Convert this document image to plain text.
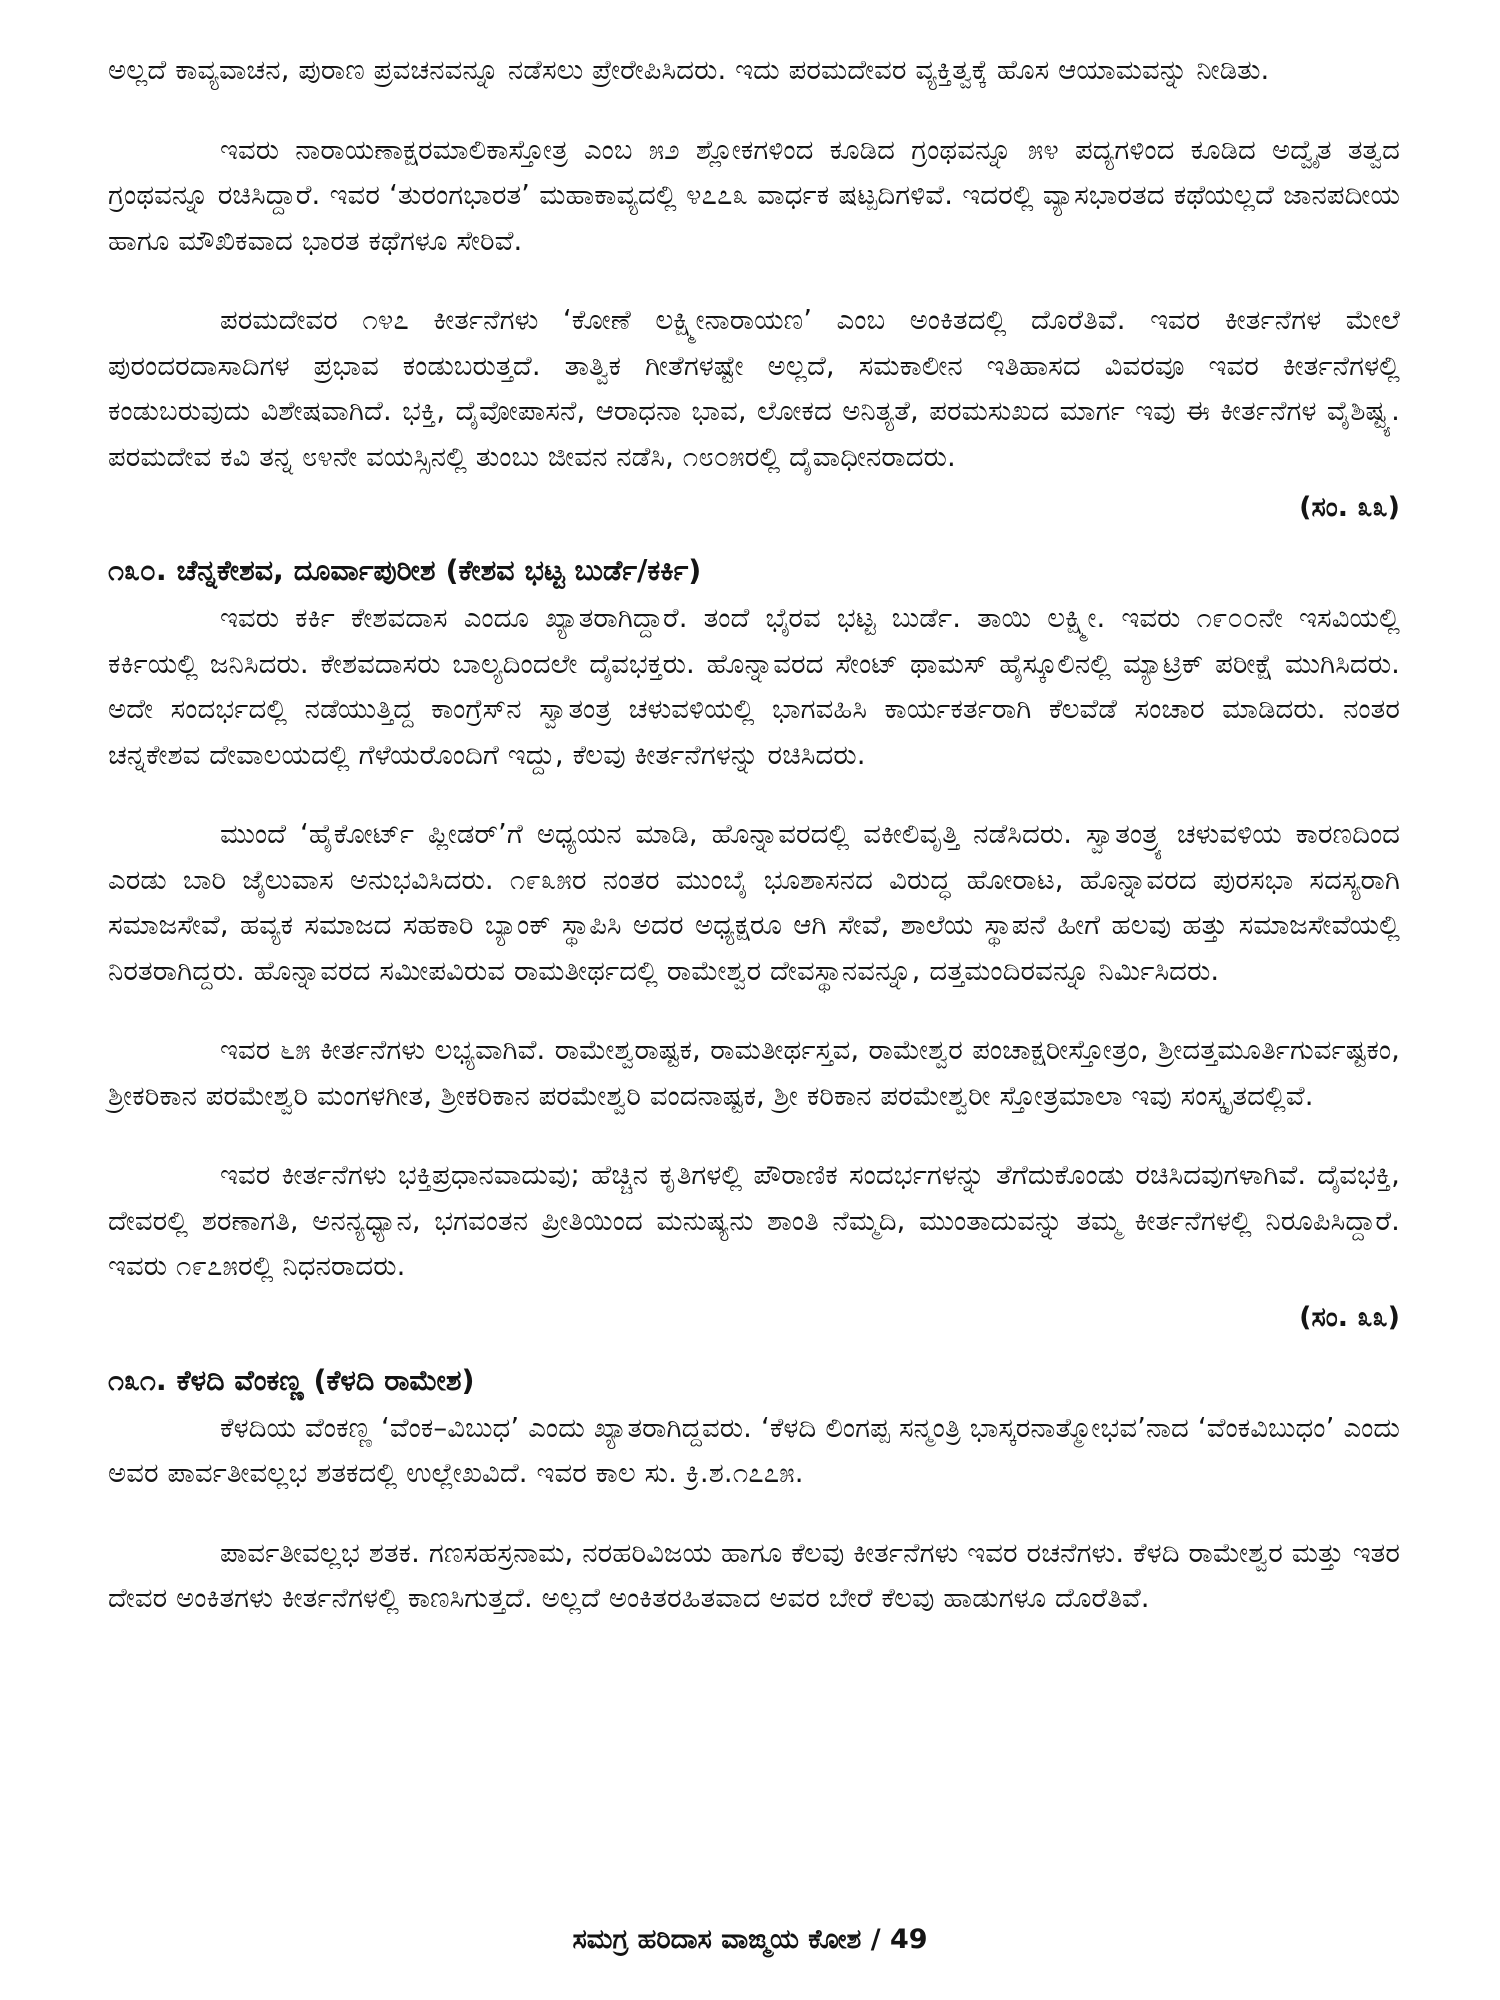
ಅಲ್ಲದೆ ಕಾವ್ಯವಾಚನ, ಪುರಾಣ ಪ್ರವಚನವನ್ನೂ ನಡೆಸಲು ಪ್ರೇರೇಪಿಸಿದರು. ಇದು ಪರಮದೇವರ ವ್ಯಕ್ತಿತ್ವಕ್ಕೆ ಹೊಸ ಆಯಾಮವನ್ನು ನೀಡಿತು.

ಇವರು ನಾರಾಯಣಾಕ್ಷರಮಾಲಿಕಾಸ್ತೋತ್ರ ಎಂಬ ೫೨ ಶ್ಲೋಕಗಳಿಂದ ಕೂಡಿದ ಗ್ರಂಥವನ್ನೂ ೫೪ ಪದ್ಯಗಳಿಂದ ಕೂಡಿದ ಅದ್ವೈತ ತತ್ವದ ಗ್ರಂಥವನ್ನೂ ರಚಿಸಿದ್ದಾರೆ. ಇವರ ‘ತುರಂಗಭಾರತ’ ಮಹಾಕಾವ್ಯದಲ್ಲಿ ೪೭೭೩ ವಾರ್ಧಕ ಷಟ್ಪದಿಗಳಿವೆ. ಇದರಲ್ಲಿ ವ್ಯಾಸಭಾರತದ ಕಥೆಯಲ್ಲದೆ ಜಾನಪದೀಯ ಹಾಗೂ ಮೌಖಿಕವಾದ ಭಾರತ ಕಥೆಗಳೂ ಸೇರಿವೆ.

ಪರಮದೇವರ ೧೪೭ ಕೀರ್ತನೆಗಳು ‘ಕೋಣೆ ಲಕ್ಷ್ಮೀನಾರಾಯಣ’ ಎಂಬ ಅಂಕಿತದಲ್ಲಿ ದೊರೆತಿವೆ. ಇವರ ಕೀರ್ತನೆಗಳ ಮೇಲೆ ಪುರಂದರದಾಸಾದಿಗಳ ಪ್ರಭಾವ ಕಂಡುಬರುತ್ತದೆ. ತಾತ್ವಿಕ ಗೀತೆಗಳಷ್ಟೇ ಅಲ್ಲದೆ, ಸಮಕಾಲೀನ ಇತಿಹಾಸದ ವಿವರವೂ ಇವರ ಕೀರ್ತನೆಗಳಲ್ಲಿ ಕಂಡುಬರುವುದು ವಿಶೇಷವಾಗಿದೆ. ಭಕ್ತಿ, ದೈವೋಪಾಸನೆ, ಆರಾಧನಾ ಭಾವ, ಲೋಕದ ಅನಿತ್ಯತೆ, ಪರಮಸುಖದ ಮಾರ್ಗ ಇವು ಈ ಕೀರ್ತನೆಗಳ ವೈಶಿಷ್ಟ್ಯ. ಪರಮದೇವ ಕವಿ ತನ್ನ ೮೪ನೇ ವಯಸ್ಸಿನಲ್ಲಿ ತುಂಬು ಜೀವನ ನಡೆಸಿ, ೧೮೦೫ರಲ್ಲಿ ದೈವಾಧೀನರಾದರು.

(ಸಂ. ೩೩)
೧೩೦. ಚೆನ್ನಕೇಶವ, ದೂರ್ವಾಪುರೀಶ (ಕೇಶವ ಭಟ್ಟ ಬುರ್ಡೆ/ಕರ್ಕಿ)

ಇವರು ಕರ್ಕಿ ಕೇಶವದಾಸ ಎಂದೂ ಖ್ಯಾತರಾಗಿದ್ದಾರೆ. ತಂದೆ ಭೈರವ ಭಟ್ಟ ಬುರ್ಡೆ. ತಾಯಿ ಲಕ್ಷ್ಮೀ. ಇವರು ೧೯೦೦ನೇ ಇಸವಿಯಲ್ಲಿ ಕರ್ಕಿಯಲ್ಲಿ ಜನಿಸಿದರು. ಕೇಶವದಾಸರು ಬಾಲ್ಯದಿಂದಲೇ ದೈವಭಕ್ತರು. ಹೊನ್ನಾವರದ ಸೇಂಟ್ ಥಾಮಸ್ ಹೈಸ್ಕೂಲಿನಲ್ಲಿ ಮ್ಯಾಟ್ರಿಕ್ ಪರೀಕ್ಷೆ ಮುಗಿಸಿದರು. ಅದೇ ಸಂದರ್ಭದಲ್ಲಿ ನಡೆಯುತ್ತಿದ್ದ ಕಾಂಗ್ರೆಸ್‌ನ ಸ್ವಾತಂತ್ರ ಚಳುವಳಿಯಲ್ಲಿ ಭಾಗವಹಿಸಿ ಕಾರ್ಯಕರ್ತರಾಗಿ ಕೆಲವೆಡೆ ಸಂಚಾರ ಮಾಡಿದರು. ನಂತರ ಚನ್ನಕೇಶವ ದೇವಾಲಯದಲ್ಲಿ ಗೆಳೆಯರೊಂದಿಗೆ ಇದ್ದು, ಕೆಲವು ಕೀರ್ತನೆಗಳನ್ನು ರಚಿಸಿದರು.

ಮುಂದೆ ‘ಹೈಕೋರ್ಟ್ ಪ್ಲೀಡರ್’ಗೆ ಅಧ್ಯಯನ ಮಾಡಿ, ಹೊನ್ನಾವರದಲ್ಲಿ ವಕೀಲಿವೃತ್ತಿ ನಡೆಸಿದರು. ಸ್ವಾತಂತ್ರ್ಯ ಚಳುವಳಿಯ ಕಾರಣದಿಂದ ಎರಡು ಬಾರಿ ಜೈಲುವಾಸ ಅನುಭವಿಸಿದರು. ೧೯೩೫ರ ನಂತರ ಮುಂಬೈ ಭೂಶಾಸನದ ವಿರುದ್ಧ ಹೋರಾಟ, ಹೊನ್ನಾವರದ ಪುರಸಭಾ ಸದಸ್ಯರಾಗಿ ಸಮಾಜಸೇವೆ, ಹವ್ಯಕ ಸಮಾಜದ ಸಹಕಾರಿ ಬ್ಯಾಂಕ್ ಸ್ಥಾಪಿಸಿ ಅದರ ಅಧ್ಯಕ್ಷರೂ ಆಗಿ ಸೇವೆ, ಶಾಲೆಯ ಸ್ಥಾಪನೆ ಹೀಗೆ ಹಲವು ಹತ್ತು ಸಮಾಜಸೇವೆಯಲ್ಲಿ ನಿರತರಾಗಿದ್ದರು. ಹೊನ್ನಾವರದ ಸಮೀಪವಿರುವ ರಾಮತೀರ್ಥದಲ್ಲಿ ರಾಮೇಶ್ವರ ದೇವಸ್ಥಾನವನ್ನೂ, ದತ್ತಮಂದಿರವನ್ನೂ ನಿರ್ಮಿಸಿದರು.

ಇವರ ೬೫ ಕೀರ್ತನೆಗಳು ಲಭ್ಯವಾಗಿವೆ. ರಾಮೇಶ್ವರಾಷ್ಟಕ, ರಾಮತೀರ್ಥಸ್ತವ, ರಾಮೇಶ್ವರ ಪಂಚಾಕ್ಷರೀಸ್ತೋತ್ರಂ, ಶ್ರೀದತ್ತಮೂರ್ತಿಗುರ್ವಷ್ಟಕಂ, ಶ್ರೀಕರಿಕಾನ ಪರಮೇಶ್ವರಿ ಮಂಗಳಗೀತ, ಶ್ರೀಕರಿಕಾನ ಪರಮೇಶ್ವರಿ ವಂದನಾಷ್ಟಕ, ಶ್ರೀ ಕರಿಕಾನ ಪರಮೇಶ್ವರೀ ಸ್ತೋತ್ರಮಾಲಾ ಇವು ಸಂಸ್ಕೃತದಲ್ಲಿವೆ.

ಇವರ ಕೀರ್ತನೆಗಳು ಭಕ್ತಿಪ್ರಧಾನವಾದುವು; ಹೆಚ್ಚಿನ ಕೃತಿಗಳಲ್ಲಿ ಪೌರಾಣಿಕ ಸಂದರ್ಭಗಳನ್ನು ತೆಗೆದುಕೊಂಡು ರಚಿಸಿದವುಗಳಾಗಿವೆ. ದೈವಭಕ್ತಿ, ದೇವರಲ್ಲಿ ಶರಣಾಗತಿ, ಅನನ್ಯಧ್ಯಾನ, ಭಗವಂತನ ಪ್ರೀತಿಯಿಂದ ಮನುಷ್ಯನು ಶಾಂತಿ ನೆಮ್ಮದಿ, ಮುಂತಾದುವನ್ನು ತಮ್ಮ ಕೀರ್ತನೆಗಳಲ್ಲಿ ನಿರೂಪಿಸಿದ್ದಾರೆ. ಇವರು ೧೯೭೫ರಲ್ಲಿ ನಿಧನರಾದರು.

(ಸಂ. ೩೩)
೧೩೧. ಕೆಳದಿ ವೆಂಕಣ್ಣ (ಕೆಳದಿ ರಾಮೇಶ)

ಕೆಳದಿಯ ವೆಂಕಣ್ಣ ‘ವೆಂಕ–ವಿಬುಧ’ ಎಂದು ಖ್ಯಾತರಾಗಿದ್ದವರು. ‘ಕೆಳದಿ ಲಿಂಗಪ್ಪ ಸನ್ಮಂತ್ರಿ ಭಾಸ್ಕರನಾತ್ಮೋಭವ’ನಾದ ‘ವೆಂಕವಿಬುಧಂ’ ಎಂದು ಅವರ ಪಾರ್ವತೀವಲ್ಲಭ ಶತಕದಲ್ಲಿ ಉಲ್ಲೇಖವಿದೆ. ಇವರ ಕಾಲ ಸು. ಕ್ರಿ.ಶ.೧೭೭೫.

ಪಾರ್ವತೀವಲ್ಲಭ ಶತಕ. ಗಣಸಹಸ್ರನಾಮ, ನರಹರಿವಿಜಯ ಹಾಗೂ ಕೆಲವು ಕೀರ್ತನೆಗಳು ಇವರ ರಚನೆಗಳು. ಕೆಳದಿ ರಾಮೇಶ್ವರ ಮತ್ತು ಇತರ ದೇವರ ಅಂಕಿತಗಳು ಕೀರ್ತನೆಗಳಲ್ಲಿ ಕಾಣಸಿಗುತ್ತದೆ. ಅಲ್ಲದೆ ಅಂಕಿತರಹಿತವಾದ ಅವರ ಬೇರೆ ಕೆಲವು ಹಾಡುಗಳೂ ದೊರೆತಿವೆ.

ಸಮಗ್ರ ಹರಿದಾಸ ವಾಙ್ಮಯ ಕೋಶ / 49
